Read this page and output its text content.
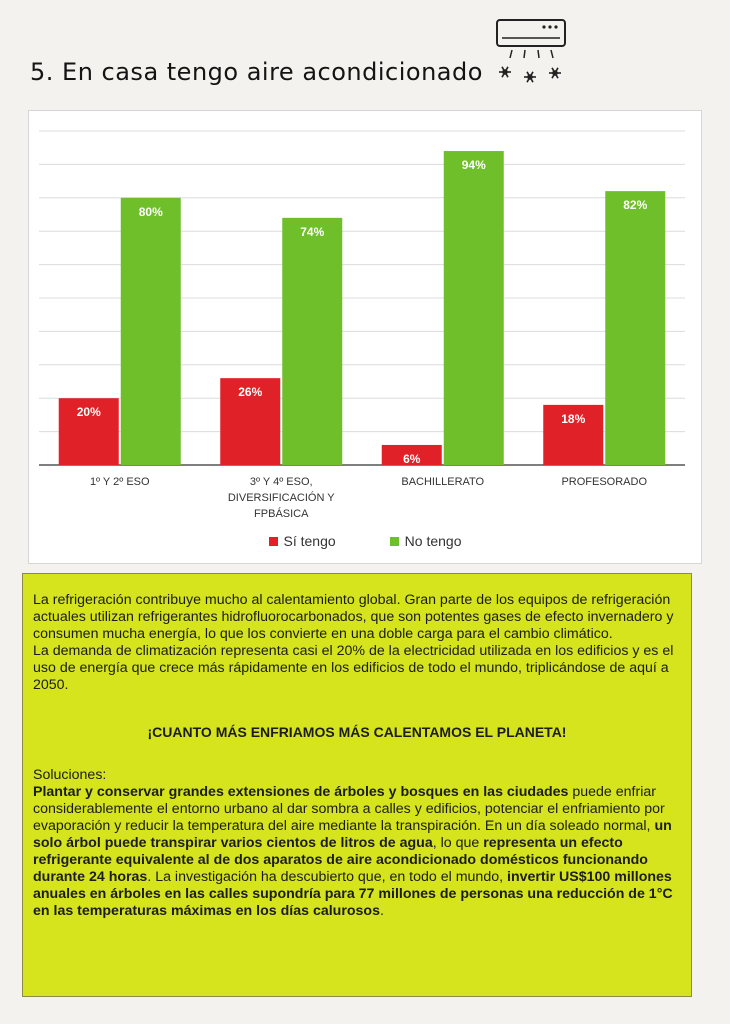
5. En casa tengo aire acondicionado
20%
80%
1º Y 2º ESO
26%
74%
3º Y 4º ESO,
DIVERSIFICACIÓN Y
FPBÁSICA
6%
94%
BACHILLERATO
18%
82%
PROFESORADO
Sí tengo	No tengo

La refrigeración contribuye mucho al calentamiento global. Gran parte de los equipos de refrigeración actuales utilizan refrigerantes hidrofluorocarbonados, que son potentes gases de efecto invernadero y consumen mucha energía, lo que los convierte en una doble carga para el cambio climático.

La demanda de climatización representa casi el 20% de la electricidad utilizada en los edificios y es el uso de energía que crece más rápidamente en los edificios de todo el mundo, triplicándose de aquí a 2050.

¡CUANTO MÁS ENFRIAMOS MÁS CALENTAMOS EL PLANETA!

Soluciones:

Plantar y conservar grandes extensiones de árboles y bosques en las ciudades puede enfriar considerablemente el entorno urbano al dar sombra a calles y edificios, potenciar el enfriamiento por evaporación y reducir la temperatura del aire mediante la transpiración. En un día soleado normal, un solo árbol puede transpirar varios cientos de litros de agua, lo que representa un efecto refrigerante equivalente al de dos aparatos de aire acondicionado domésticos funcionando durante 24 horas. La investigación ha descubierto que, en todo el mundo, invertir US$100 millones anuales en árboles en las calles supondría para 77 millones de personas una reducción de 1°C en las temperaturas máximas en los días calurosos.
